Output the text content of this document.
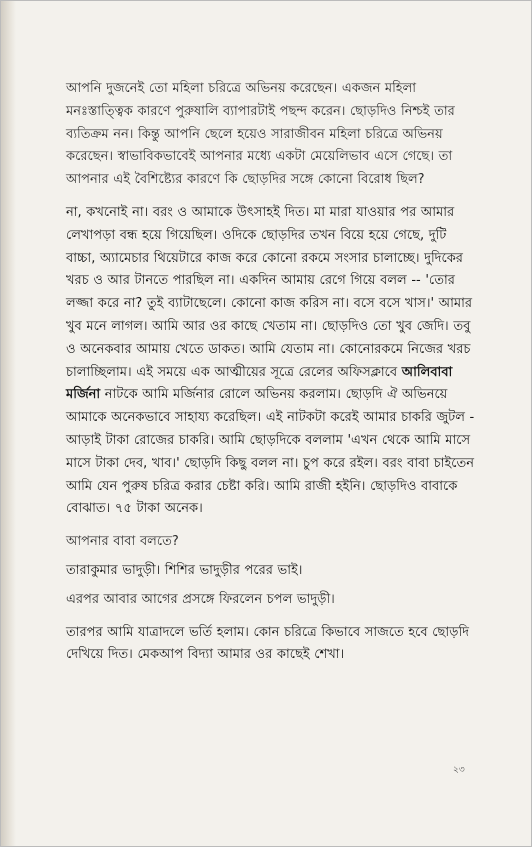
আপনি দুজনেই তো মহিলা চরিত্রে অভিনয় করেছেন। একজন মহিলা মনঃস্তাত্ত্বিক কারণে পুরুষালি ব্যাপারটাই পছন্দ করেন। ছোড়দিও নিশ্চই তার ব্যতিক্রম নন। কিন্তু আপনি ছেলে হয়েও সারাজীবন মহিলা চরিত্রে অভিনয় করেছেন। স্বাভাবিকভাবেই আপনার মধ্যে একটা মেয়েলিভাব এসে গেছে। তা আপনার এই বৈশিষ্ট্যের কারণে কি ছোড়দির সঙ্গে কোনো বিরোধ ছিল?

না, কখনোই না। বরং ও আমাকে উৎসাহই দিত। মা মারা যাওয়ার পর আমার লেখাপড়া বন্ধ হয়ে গিয়েছিল। ওদিকে ছোড়দির তখন বিয়ে হয়ে গেছে, দুটি বাচ্চা, অ্যামেচার থিয়েটারে কাজ করে কোনো রকমে সংসার চালাচ্ছে। দুদিকের খরচ ও আর টানতে পারছিল না। একদিন আমায় রেগে গিয়ে বলল -- 'তোর লজ্জা করে না? তুই ব্যাটাছেলে। কোনো কাজ করিস না। বসে বসে খাস।' আমার খুব মনে লাগল। আমি আর ওর কাছে খেতাম না। ছোড়দিও তো খুব জেদি। তবু ও অনেকবার আমায় খেতে ডাকত। আমি যেতাম না। কোনোরকমে নিজের খরচ চালাচ্ছিলাম। এই সময়ে এক আত্মীয়ের সূত্রে রেলের অফিসক্লাবে আলিবাবা মর্জিনা নাটকে আমি মর্জিনার রোলে অভিনয় করলাম। ছোড়দি ঐ অভিনয়ে আমাকে অনেকভাবে সাহায্য করেছিল। এই নাটকটা করেই আমার চাকরি জুটল - আড়াই টাকা রোজের চাকরি। আমি ছোড়দিকে বললাম 'এখন থেকে আমি মাসে মাসে টাকা দেব, খাব।' ছোড়দি কিছু বলল না। চুপ করে রইল। বরং বাবা চাইতেন আমি যেন পুরুষ চরিত্র করার চেষ্টা করি। আমি রাজী হইনি। ছোড়দিও বাবাকে বোঝাত। ৭৫ টাকা অনেক।

আপনার বাবা বলতে?

তারাকুমার ভাদুড়ী। শিশির ভাদুড়ীর পরের ভাই।

এরপর আবার আগের প্রসঙ্গে ফিরলেন চপল ভাদুড়ী।

তারপর আমি যাত্রাদলে ভর্তি হলাম। কোন চরিত্রে কিভাবে সাজতে হবে ছোড়দি দেখিয়ে দিত। মেকআপ বিদ্যা আমার ওর কাছেই শেখা।

২৩
